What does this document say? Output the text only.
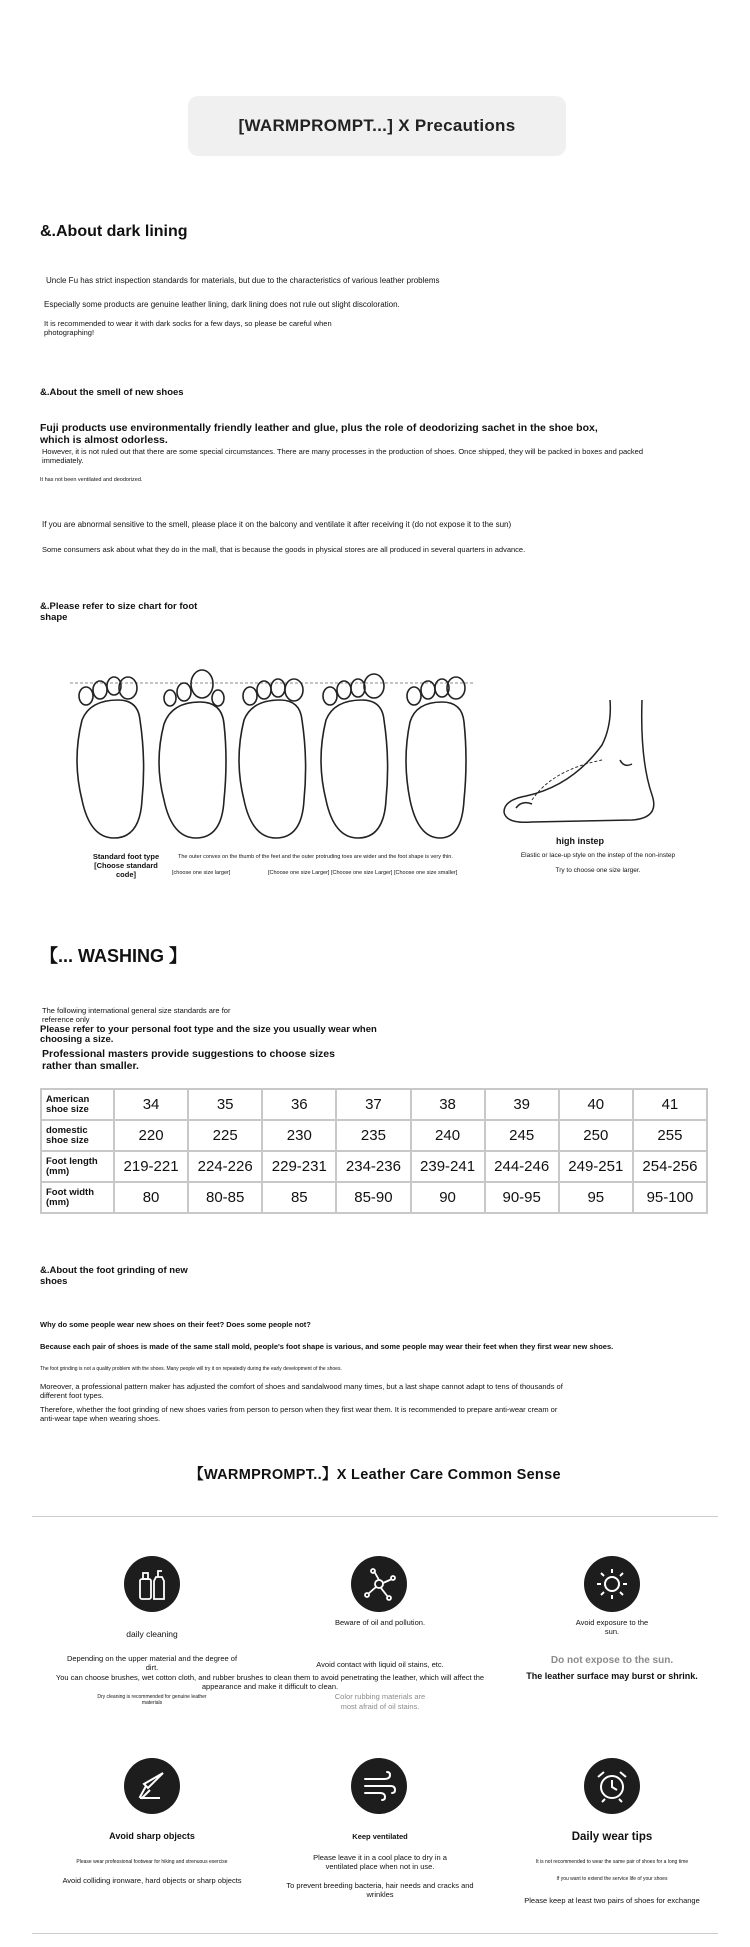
[WARMPROMPT...] X Precautions
&.About dark lining
Uncle Fu has strict inspection standards for materials, but due to the characteristics of various leather problems
Especially some products are genuine leather lining, dark lining does not rule out slight discoloration.
It is recommended to wear it with dark socks for a few days, so please be careful when photographing!
&.About the smell of new shoes
Fuji products use environmentally friendly leather and glue, plus the role of deodorizing sachet in the shoe box, which is almost odorless.
However, it is not ruled out that there are some special circumstances. There are many processes in the production of shoes. Once shipped, they will be packed in boxes and packed immediately.
It has not been ventilated and deodorized.
If you are abnormal sensitive to the smell, please place it on the balcony and ventilate it after receiving it (do not expose it to the sun)
Some consumers ask about what they do in the mall, that is because the goods in physical stores are all produced in several quarters in advance.
&.Please refer to size chart for foot shape
Standard foot type [Choose standard code]
The outer convex on the thumb of the feet and the outer protruding toes are wider and the foot shape is very thin.
[choose one size larger]	[Choose one size Larger] [Choose one size Larger] [Choose one size smaller]
high instep
Elastic or lace-up style on the instep of the non-instep
Try to choose one size larger.
【... WASHING 】
The following international general size standards are for reference only
Please refer to your personal foot type and the size you usually wear when choosing a size.
Professional masters provide suggestions to choose sizes rather than smaller.
American shoe size	34	35	36	37	38	39	40	41
domestic shoe size	220	225	230	235	240	245	250	255
Foot length (mm)	219-221	224-226	229-231	234-236	239-241	244-246	249-251	254-256
Foot width (mm)	80	80-85	85	85-90	90	90-95	95	95-100
&.About the foot grinding of new shoes
Why do some people wear new shoes on their feet? Does some people not?
Because each pair of shoes is made of the same stall mold, people's foot shape is various, and some people may wear their feet when they first wear new shoes.
The foot grinding is not a quality problem with the shoes. Many people will try it on repeatedly during the early development of the shoes.
Moreover, a professional pattern maker has adjusted the comfort of shoes and sandalwood many times, but a last shape cannot adapt to tens of thousands of different foot types.
Therefore, whether the foot grinding of new shoes varies from person to person when they first wear them. It is recommended to prepare anti-wear cream or anti-wear tape when wearing shoes.
【WARMPROMPT..】X Leather Care Common Sense
daily cleaning
Depending on the upper material and the degree of dirt.
You can choose brushes, wet cotton cloth, and rubber brushes to clean them to avoid penetrating the leather, which will affect the appearance and make it difficult to clean.
Dry cleaning is recommended for genuine leather materials
Beware of oil and pollution.
Avoid contact with liquid oil stains, etc.
Color rubbing materials are most afraid of oil stains.
Avoid exposure to the sun.
Do not expose to the sun.
The leather surface may burst or shrink.
Avoid sharp objects
Please wear professional footwear for hiking and strenuous exercise
Avoid colliding ironware, hard objects or sharp objects
Keep ventilated
Please leave it in a cool place to dry in a ventilated place when not in use.
To prevent breeding bacteria, hair needs and cracks and wrinkles
Daily wear tips
It is not recommended to wear the same pair of shoes for a long time
If you want to extend the service life of your shoes
Please keep at least two pairs of shoes for exchange
